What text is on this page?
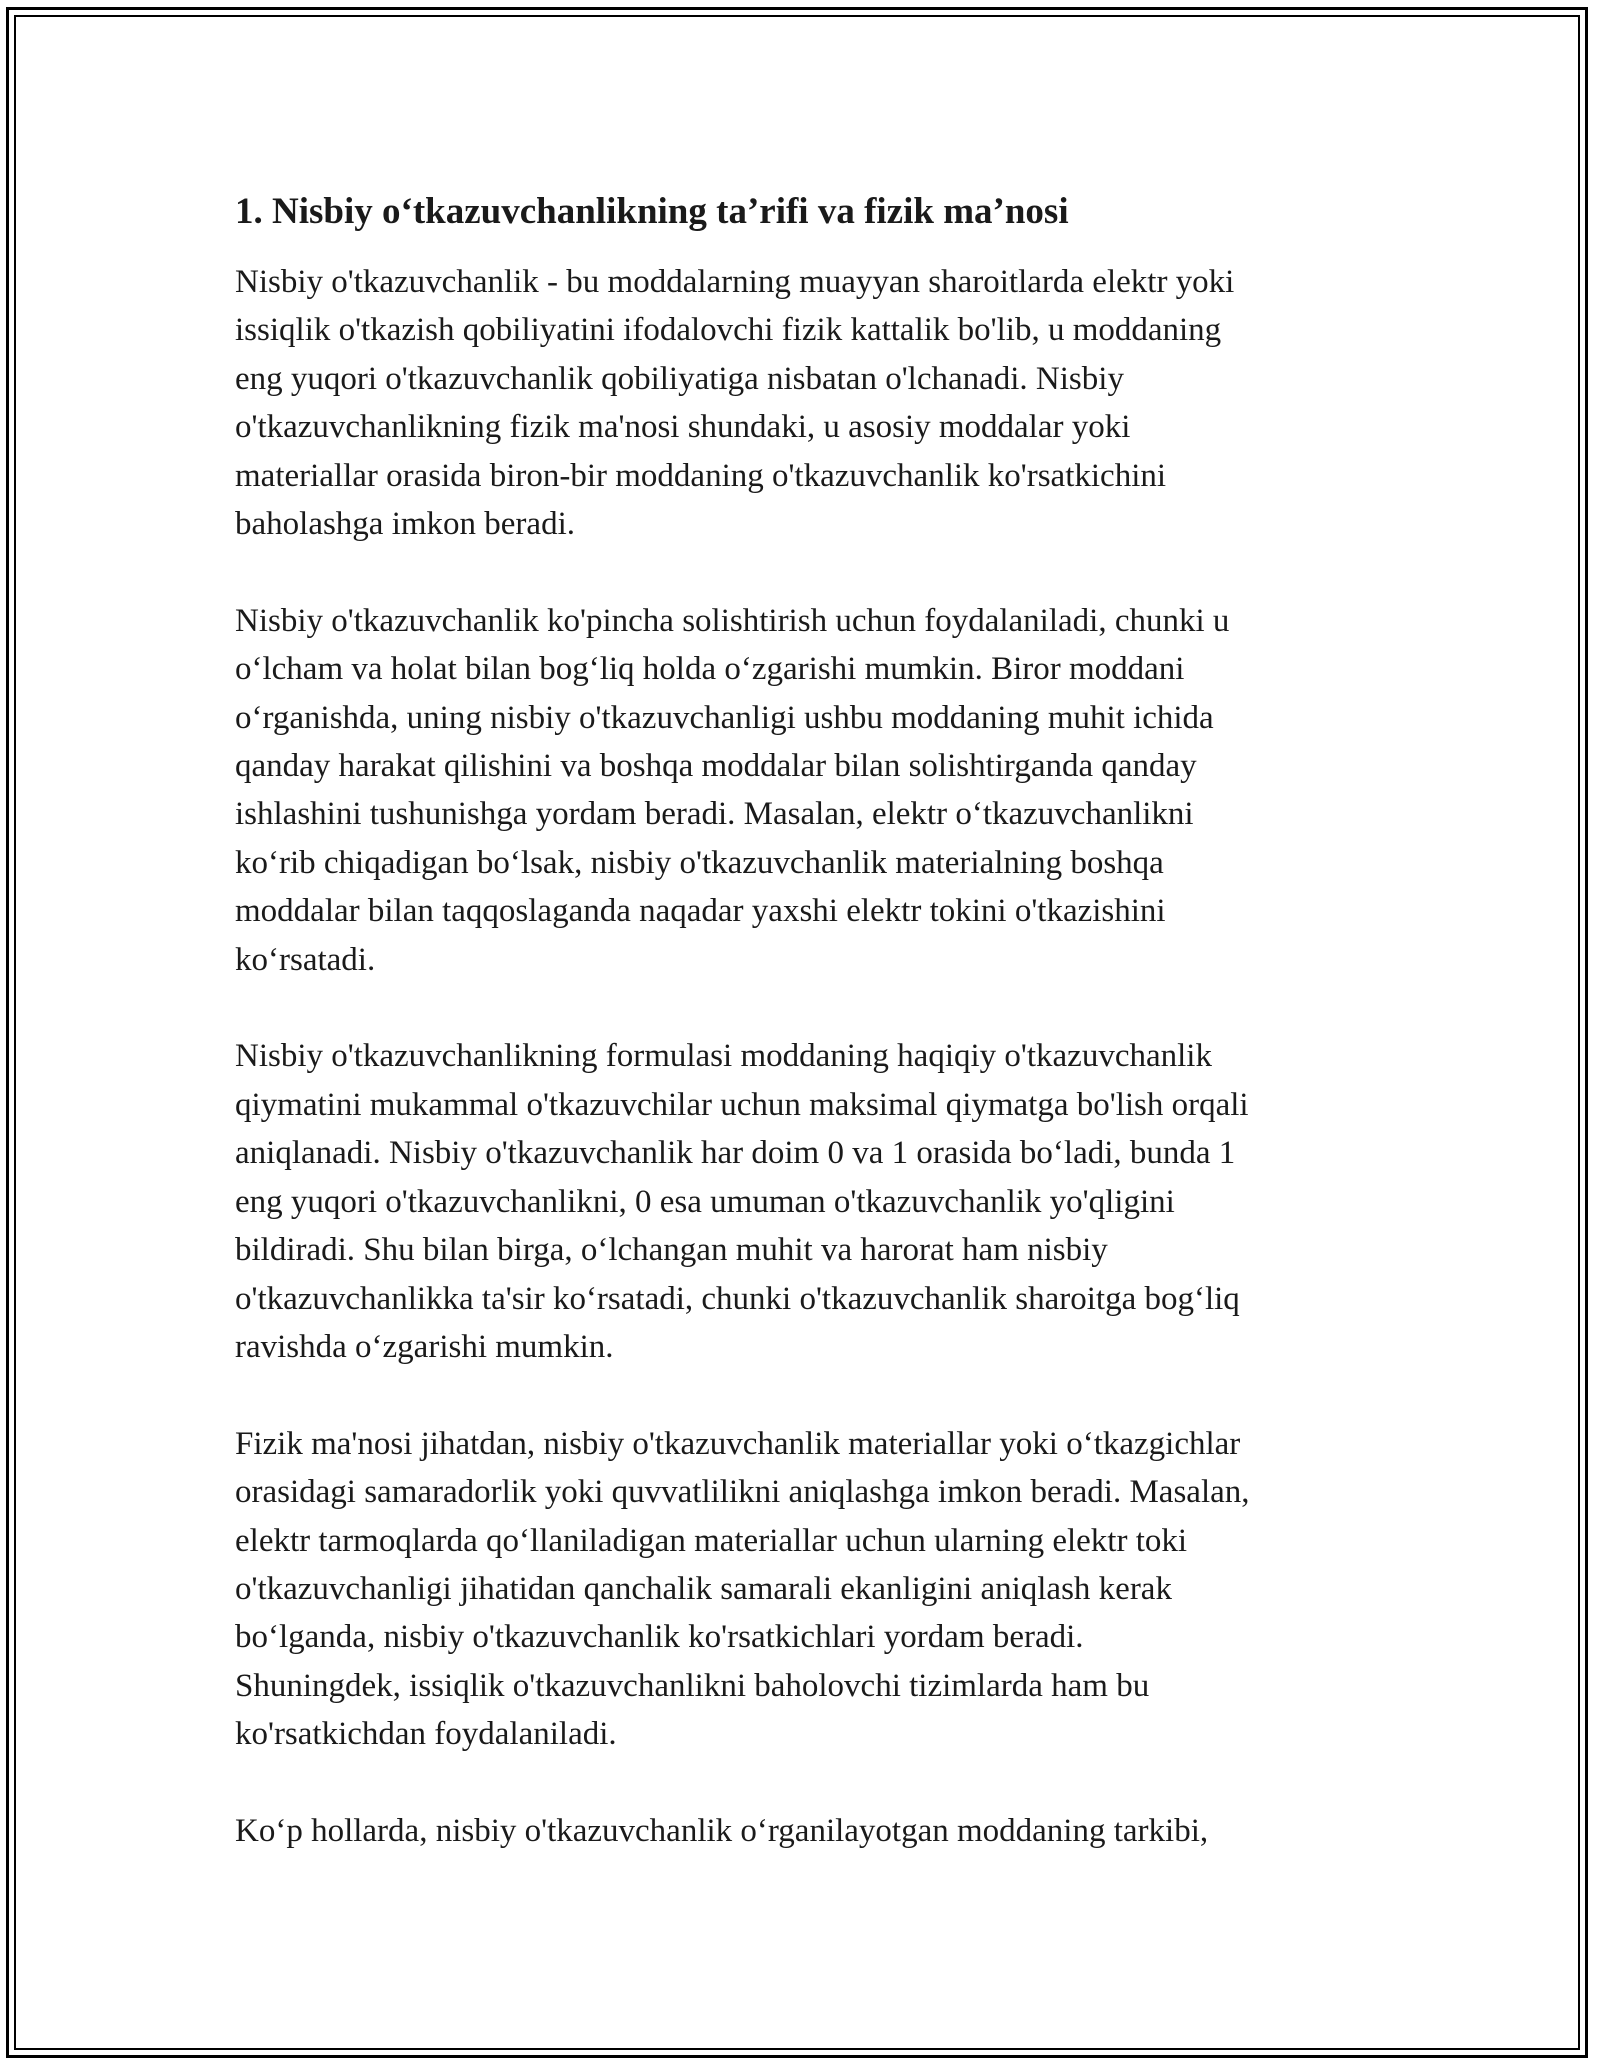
1. Nisbiy o‘tkazuvchanlikning ta’rifi va fizik ma’nosi

Nisbiy o'tkazuvchanlik - bu moddalarning muayyan sharoitlarda elektr yoki
issiqlik o'tkazish qobiliyatini ifodalovchi fizik kattalik bo'lib, u moddaning
eng yuqori o'tkazuvchanlik qobiliyatiga nisbatan o'lchanadi. Nisbiy
o'tkazuvchanlikning fizik ma'nosi shundaki, u asosiy moddalar yoki
materiallar orasida biron-bir moddaning o'tkazuvchanlik ko'rsatkichini
baholashga imkon beradi.

Nisbiy o'tkazuvchanlik ko'pincha solishtirish uchun foydalaniladi, chunki u
o‘lcham va holat bilan bog‘liq holda o‘zgarishi mumkin. Biror moddani
o‘rganishda, uning nisbiy o'tkazuvchanligi ushbu moddaning muhit ichida
qanday harakat qilishini va boshqa moddalar bilan solishtirganda qanday
ishlashini tushunishga yordam beradi. Masalan, elektr o‘tkazuvchanlikni
ko‘rib chiqadigan bo‘lsak, nisbiy o'tkazuvchanlik materialning boshqa
moddalar bilan taqqoslaganda naqadar yaxshi elektr tokini o'tkazishini
ko‘rsatadi.

Nisbiy o'tkazuvchanlikning formulasi moddaning haqiqiy o'tkazuvchanlik
qiymatini mukammal o'tkazuvchilar uchun maksimal qiymatga bo'lish orqali
aniqlanadi. Nisbiy o'tkazuvchanlik har doim 0 va 1 orasida bo‘ladi, bunda 1
eng yuqori o'tkazuvchanlikni, 0 esa umuman o'tkazuvchanlik yo'qligini
bildiradi. Shu bilan birga, o‘lchangan muhit va harorat ham nisbiy
o'tkazuvchanlikka ta'sir ko‘rsatadi, chunki o'tkazuvchanlik sharoitga bog‘liq
ravishda o‘zgarishi mumkin.

Fizik ma'nosi jihatdan, nisbiy o'tkazuvchanlik materiallar yoki o‘tkazgichlar
orasidagi samaradorlik yoki quvvatlilikni aniqlashga imkon beradi. Masalan,
elektr tarmoqlarda qo‘llaniladigan materiallar uchun ularning elektr toki
o'tkazuvchanligi jihatidan qanchalik samarali ekanligini aniqlash kerak
bo‘lganda, nisbiy o'tkazuvchanlik ko'rsatkichlari yordam beradi.
Shuningdek, issiqlik o'tkazuvchanlikni baholovchi tizimlarda ham bu
ko'rsatkichdan foydalaniladi.

Ko‘p hollarda, nisbiy o'tkazuvchanlik o‘rganilayotgan moddaning tarkibi,
